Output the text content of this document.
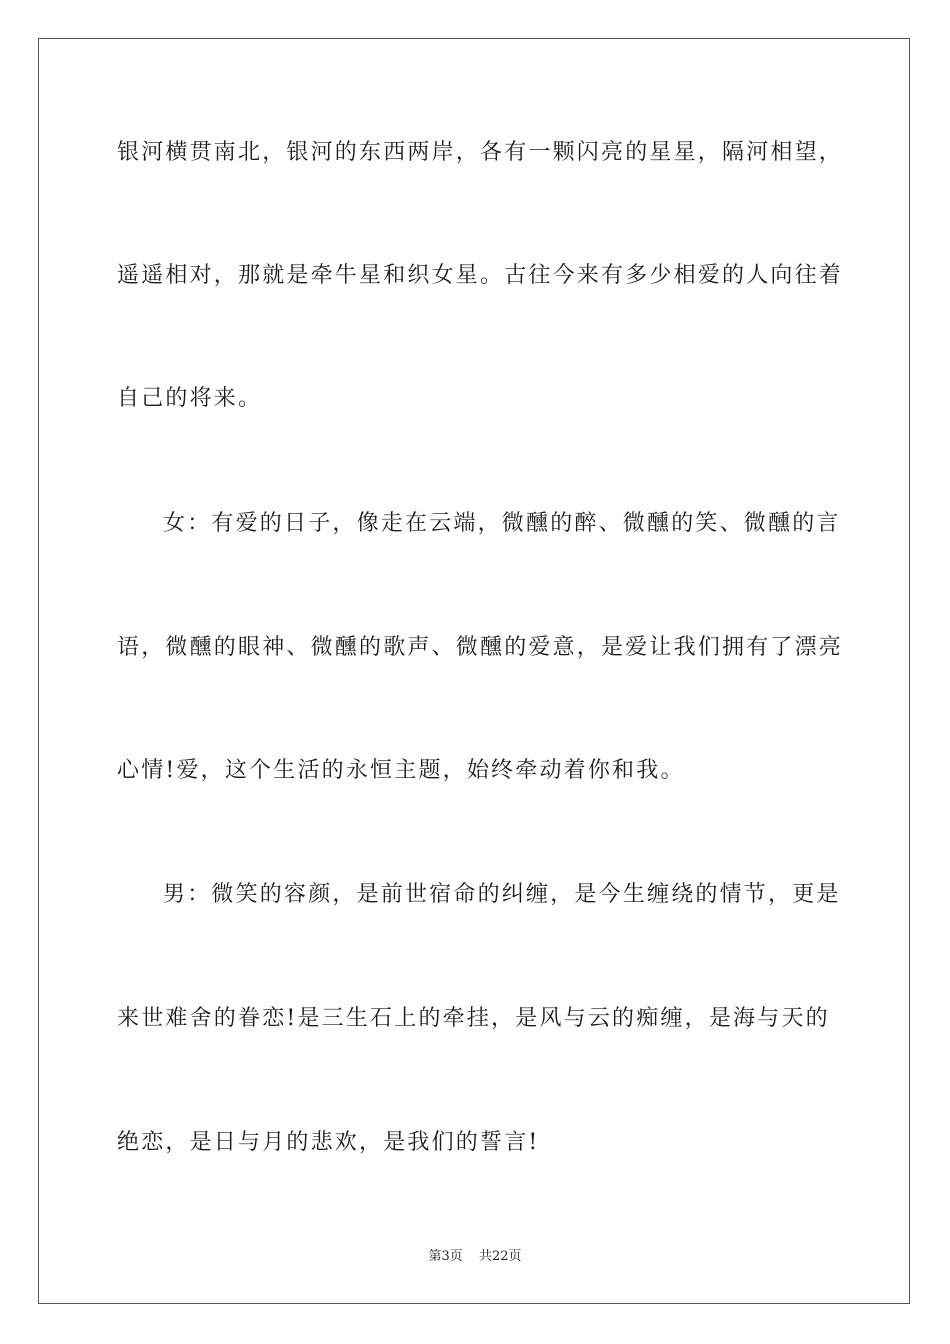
银河横贯南北，银河的东西两岸，各有一颗闪亮的星星，隔河相望，
遥遥相对，那就是牵牛星和织女星。古往今来有多少相爱的人向往着
自己的将来。
女：有爱的日子，像走在云端，微醺的醉、微醺的笑、微醺的言
语，微醺的眼神、微醺的歌声、微醺的爱意，是爱让我们拥有了漂亮
心情!爱，这个生活的永恒主题，始终牵动着你和我。
男：微笑的容颜，是前世宿命的纠缠，是今生缠绕的情节，更是
来世难舍的眷恋!是三生石上的牵挂，是风与云的痴缠，是海与天的
绝恋，是日与月的悲欢，是我们的誓言!
第3页 共22页
